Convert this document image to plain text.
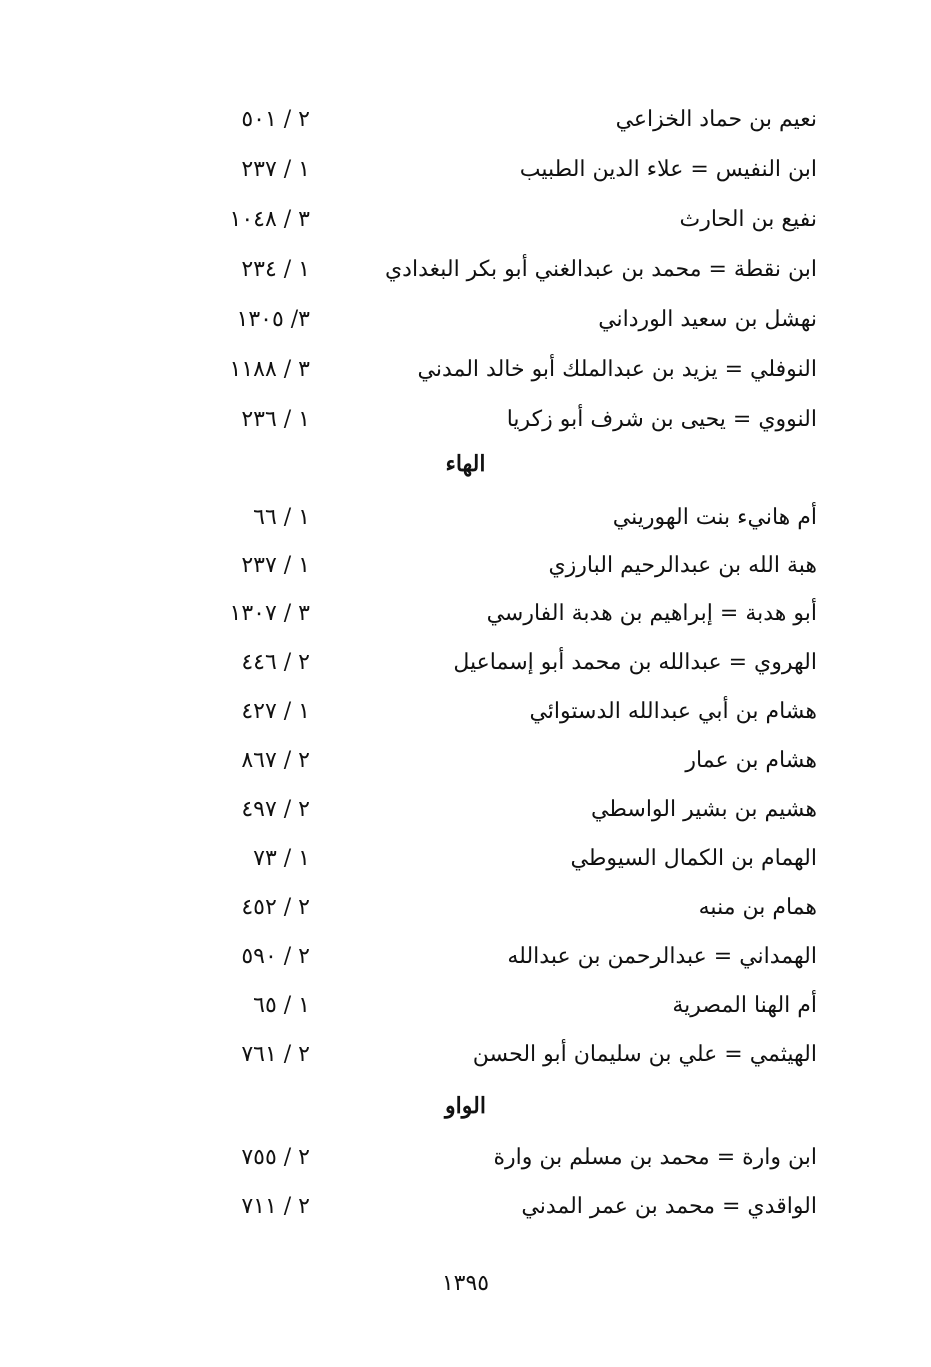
نعيم بن حماد الخزاعي
٢ / ٥٠١
ابن النفيس = علاء الدين الطبيب
١ / ٢٣٧
نفيع بن الحارث
٣ / ١٠٤٨
ابن نقطة = محمد بن عبدالغني أبو بكر البغدادي
١ / ٢٣٤
نهشل بن سعيد الورداني
٣/ ١٣٠٥
النوفلي = يزيد بن عبدالملك أبو خالد المدني
٣ / ١١٨٨
النووي = يحيى بن شرف أبو زكريا
١ / ٢٣٦
الهاء
أم هانيء بنت الهوريني
١ / ٦٦
هبة الله بن عبدالرحيم البارزي
١ / ٢٣٧
أبو هدبة = إبراهيم بن هدبة الفارسي
٣ / ١٣٠٧
الهروي = عبدالله بن محمد أبو إسماعيل
٢ / ٤٤٦
هشام بن أبي عبدالله الدستوائي
١ / ٤٢٧
هشام بن عمار
٢ / ٨٦٧
هشيم بن بشير الواسطي
٢ / ٤٩٧
الهمام بن الكمال السيوطي
١ / ٧٣
همام بن منبه
٢ / ٤٥٢
الهمداني = عبدالرحمن بن عبدالله
٢ / ٥٩٠
أم الهنا المصرية
١ / ٦٥
الهيثمي = علي بن سليمان أبو الحسن
٢ / ٧٦١
الواو
ابن وارة = محمد بن مسلم بن وارة
٢ / ٧٥٥
الواقدي = محمد بن عمر المدني
٢ / ٧١١
١٣٩٥
